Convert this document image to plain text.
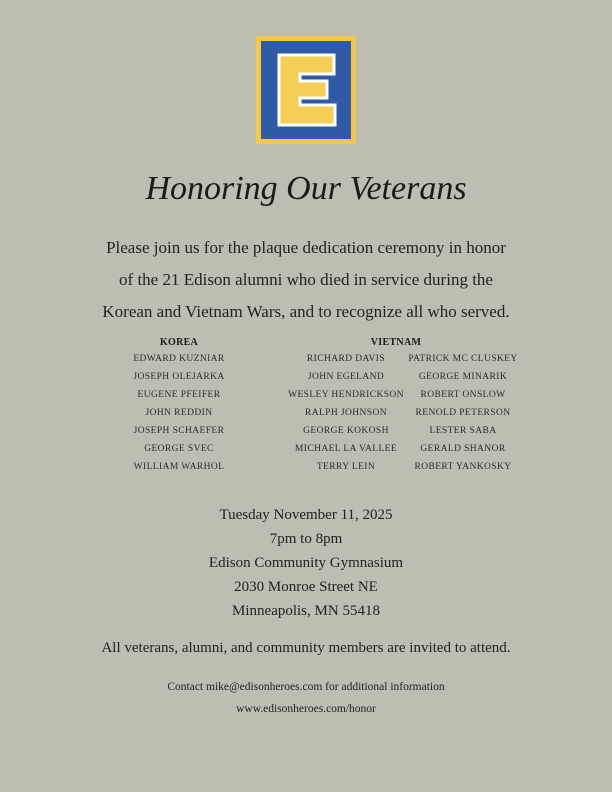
Honoring Our Veterans
Please join us for the plaque dedication ceremony in honor
of the 21 Edison alumni who died in service during the
Korean and Vietnam Wars, and to recognize all who served.
KOREA
EDWARD KUZNIAR
JOSEPH OLEJARKA
EUGENE PFEIFER
JOHN REDDIN
JOSEPH SCHAEFER
GEORGE SVEC
WILLIAM WARHOL
VIETNAM
RICHARD DAVIS
JOHN EGELAND
WESLEY HENDRICKSON
RALPH JOHNSON
GEORGE KOKOSH
MICHAEL LA VALLEE
TERRY LEIN
PATRICK MC CLUSKEY
GEORGE MINARIK
ROBERT ONSLOW
RENOLD PETERSON
LESTER SABA
GERALD SHANOR
ROBERT YANKOSKY
Tuesday November 11, 2025
7pm to 8pm
Edison Community Gymnasium
2030 Monroe Street NE
Minneapolis, MN 55418
All veterans, alumni, and community members are invited to attend.
Contact mike@edisonheroes.com for additional information
www.edisonheroes.com/honor
